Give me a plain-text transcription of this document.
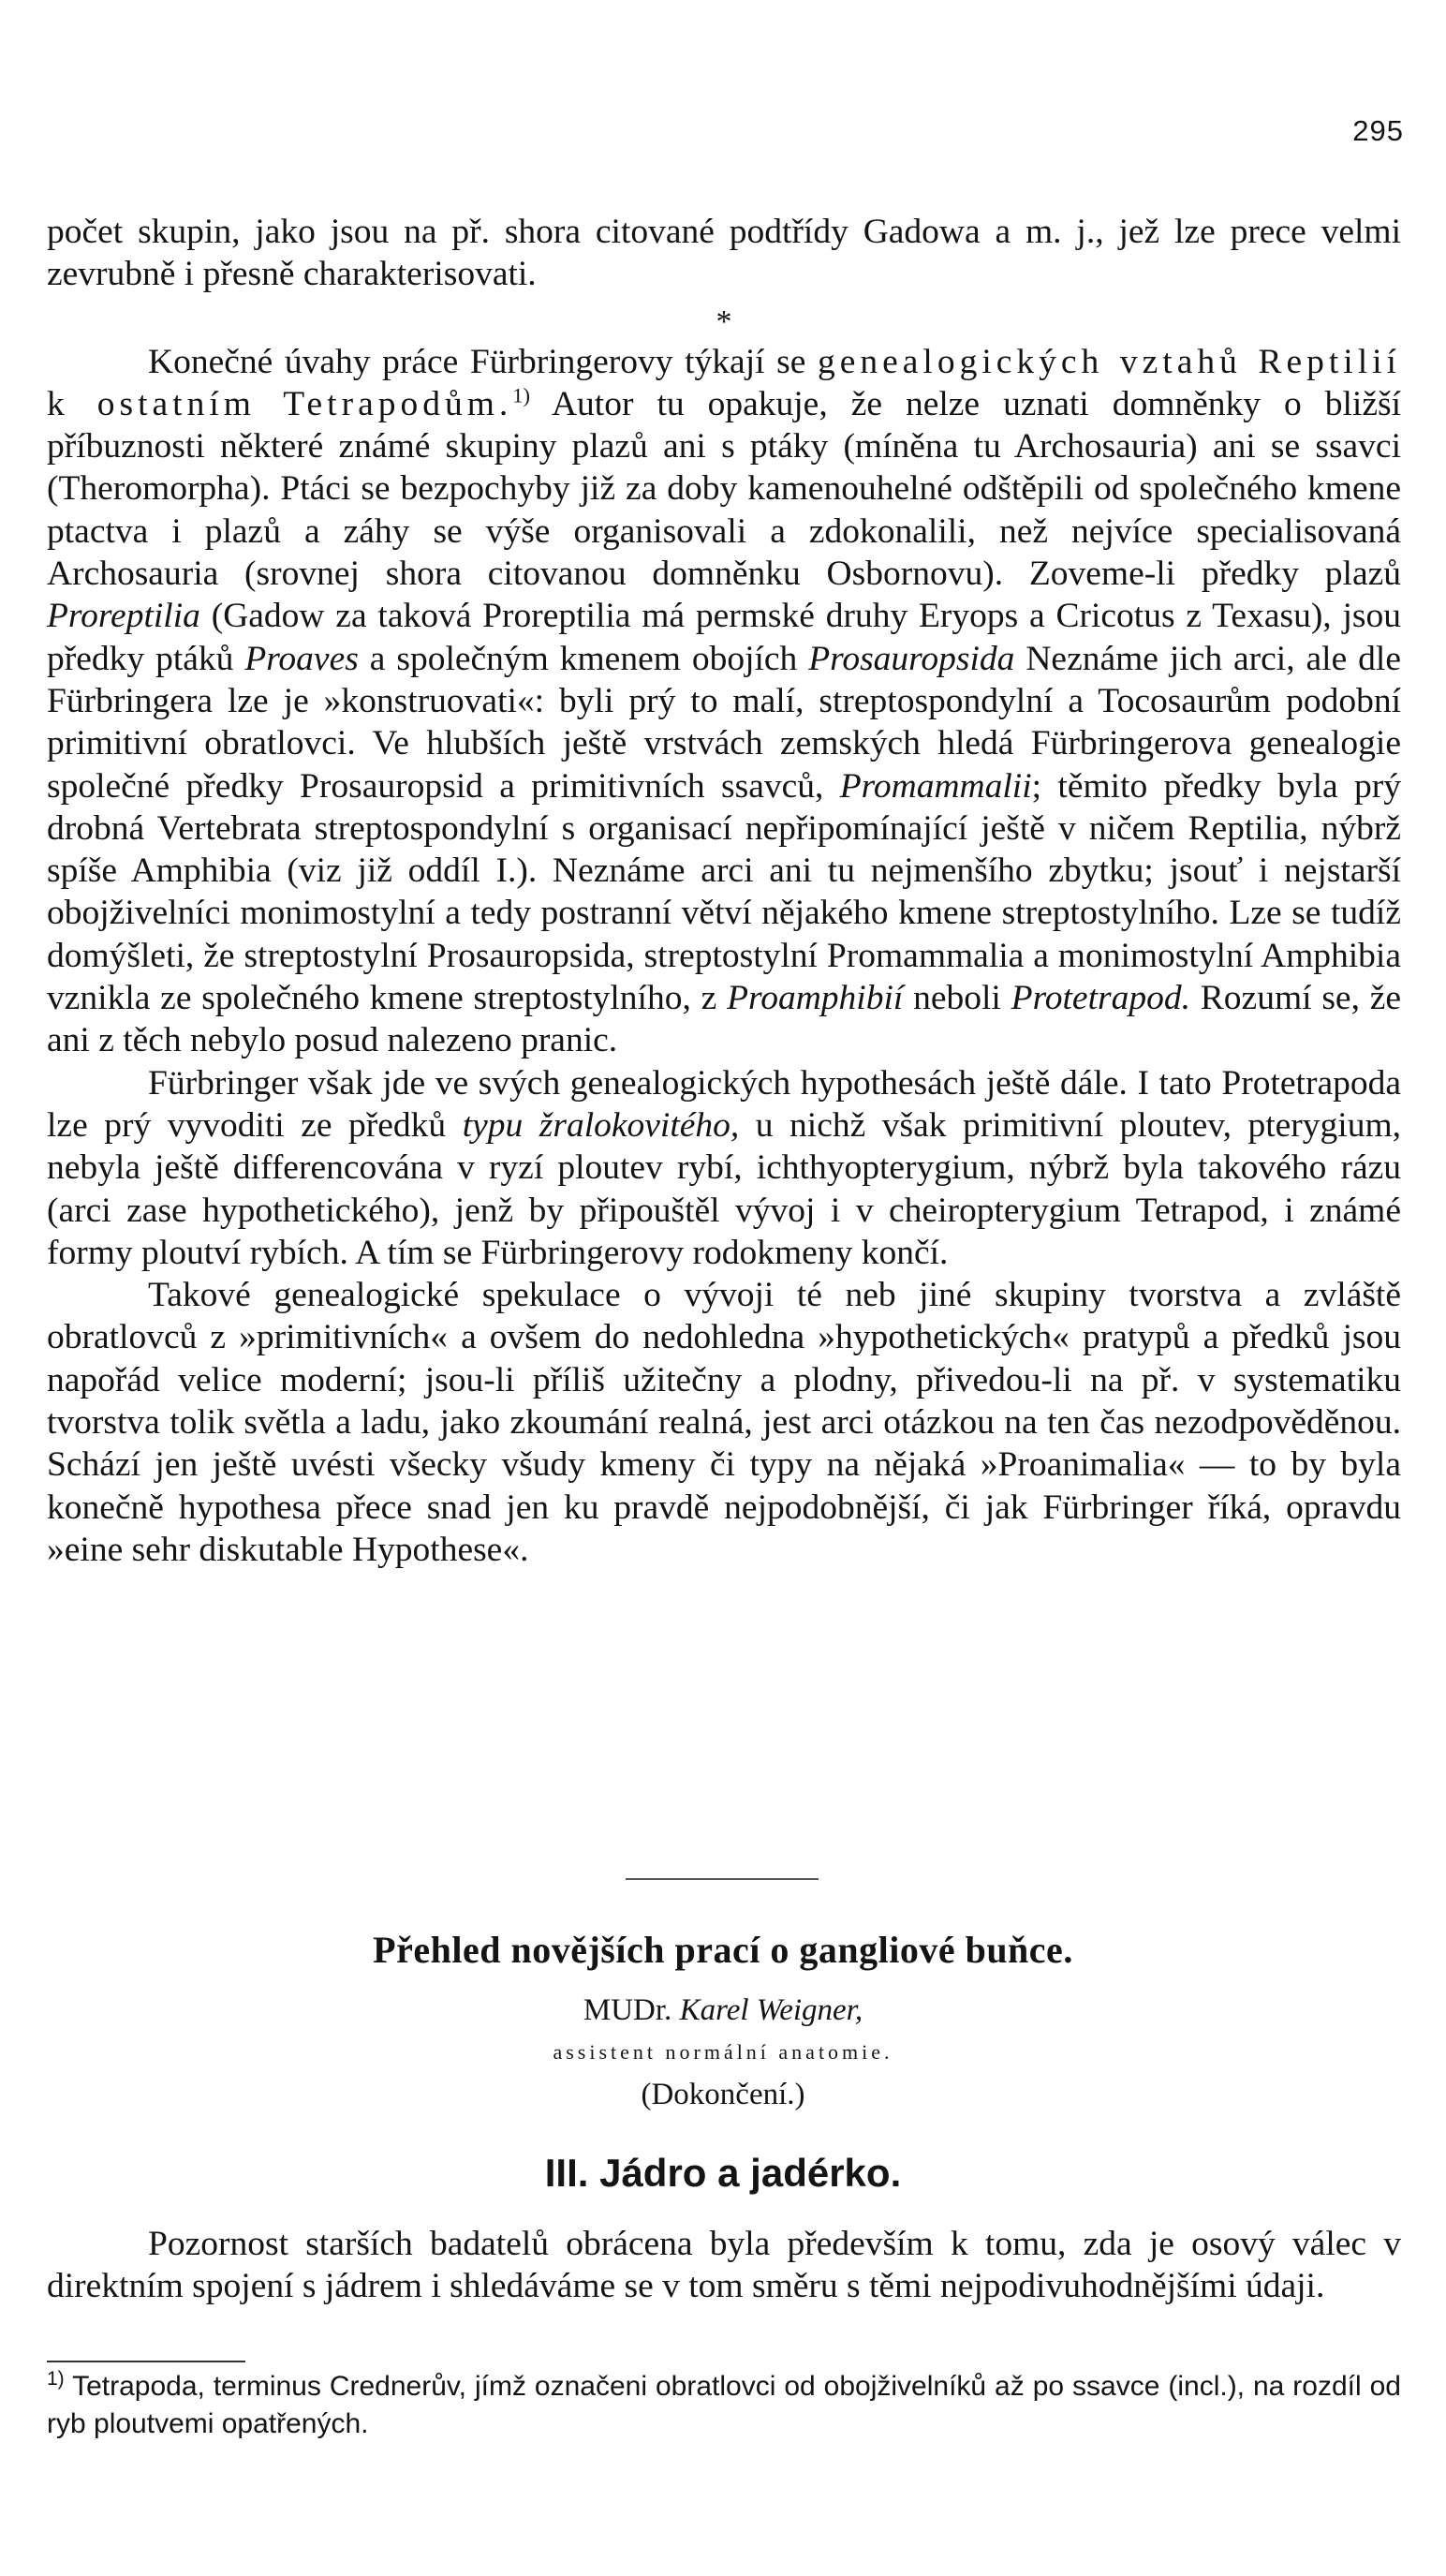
295

počet skupin, jako jsou na př. shora citované podtřídy Gadowa a m. j., jež lze prece velmi zevrubně i přesně charakterisovati.

*

Konečné úvahy práce Fürbringerovy týkají se genealogických vztahů Reptilií k ostatním Tetrapodům.$^{1)}$ Autor tu opakuje, že nelze uznati domněnky o bližší příbuznosti některé známé skupiny plazů ani s ptáky (míněna tu Archosauria) ani se ssavci (Theromorpha). Ptáci se bezpochyby již za doby kamenouhelné odštěpili od společného kmene ptactva i plazů a záhy se výše organisovali a zdokonalili, než nejvíce specialisovaná Archosauria (srovnej shora citovanou domněnku Osbornovu). Zoveme-li předky plazů Proreptilia (Gadow za taková Proreptilia má permské druhy Eryops a Cricotus z Texasu), jsou předky ptáků Proaves a společným kmenem obojích Prosauropsida Neznáme jich arci, ale dle Fürbringera lze je »konstruovati«: byli prý to malí, streptospondylní a Tocosaurům podobní primitivní obratlovci. Ve hlubších ještě vrstvách zemských hledá Fürbringerova genealogie společné předky Prosauropsid a primitivních ssavců, Promammalii; těmito předky byla prý drobná Vertebrata streptospondylní s organisací nepřipomínající ještě v ničem Reptilia, nýbrž spíše Amphibia (viz již oddíl I.). Neznáme arci ani tu nejmenšího zbytku; jsouť i nejstarší obojživelníci monimostylní a tedy postranní větví nějakého kmene streptostylního. Lze se tudíž domýšleti, že streptostylní Prosauropsida, streptostylní Promammalia a monimostylní Amphibia vznikla ze společného kmene streptostylního, z Proamphibií neboli Protetrapod. Rozumí se, že ani z těch nebylo posud nalezeno pranic.

Fürbringer však jde ve svých genealogických hypothesách ještě dále. I tato Protetrapoda lze prý vyvoditi ze předků typu žralokovitého, u nichž však primitivní ploutev, pterygium, nebyla ještě differencována v ryzí ploutev rybí, ichthyopterygium, nýbrž byla takového rázu (arci zase hypothetického), jenž by připouštěl vývoj i v cheiropterygium Tetrapod, i známé formy ploutví rybích. A tím se Fürbringerovy rodokmeny končí.

Takové genealogické spekulace o vývoji té neb jiné skupiny tvorstva a zvláště obratlovců z »primitivních« a ovšem do nedohledna »hypothetických« pratypů a předků jsou napořád velice moderní; jsou-li příliš užitečny a plodny, přivedou-li na př. v systematiku tvorstva tolik světla a ladu, jako zkoumání realná, jest arci otázkou na ten čas nezodpověděnou. Schází jen ještě uvésti všecky všudy kmeny či typy na nějaká »Proanimalia« — to by byla konečně hypothesa přece snad jen ku pravdě nejpodobnější, či jak Fürbringer říká, opravdu »eine sehr diskutable Hypothese«.

Přehled novějších prací o gangliové buňce.
MUDr. Karel Weigner,
assistent normální anatomie.
(Dokončení.)
III. Jádro a jadérko.

Pozornost starších badatelů obrácena byla především k tomu, zda je osový válec v direktním spojení s jádrem i shledáváme se v tom směru s těmi nejpodivuhodnějšími údaji.

$^{1)}$ Tetrapoda, terminus Crednerův, jímž označeni obratlovci od obojživelníků až po ssavce (incl.), na rozdíl od ryb ploutvemi opatřených.
